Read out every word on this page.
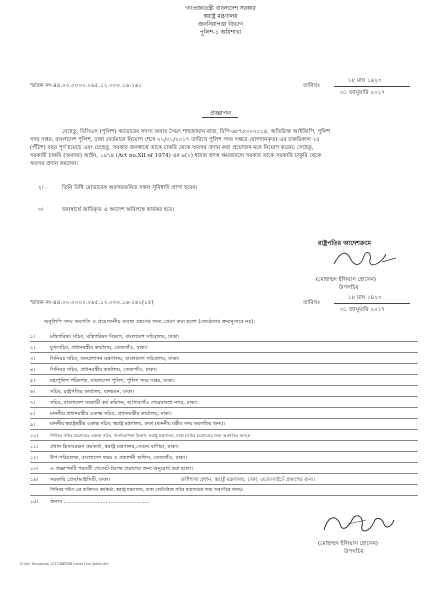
গণপ্রজাতন্ত্রী বাংলাদেশ সরকার
স্বরাষ্ট্র মন্ত্রণালয়
জননিরাপত্তা বিভাগ
পুলিশ-১ অধিশাখা
স্মারক নং-৪৪.০০.০০০০.০৯৫.১২.০৩০.১৬-১৬১	তারিখঃ
১৮ মাঘ ১৪২৩
৩১ জানুয়ারি ২০১৭
প্রজ্ঞাপন
যেহেতু, বিসিএস (পুলিশ) ক্যাডারের সদস্য জনাব সৈয়দ শাহজামান রাজ, বিপি-৬৮৭৮০০০০১৪, অতিরিক্ত আইজিপি, পুলিশ
সদর দপ্তর, বাংলাদেশ পুলিশ, ঢাকা (বর্তমানে নিয়োগ শেষে ০১/০১/২০১৭ তারিখে পুলিশ সদর দপ্তরে যোগদানকৃত) এর চাকরিকাল ২৫
(পঁচিশ) বছর পূর্ণ হয়েছে এবং যেহেতু, সরকার জনস্বার্থে তাকে চাকরি থেকে অবসর প্রদান করা প্রয়োজন মনে নিয়োগ করেন; সেহেতু,
সরকারী চাকরি (অবসর) আইন, ১৯৭৪ (Act no.XII of 1974) এর ৯(২) ধারার প্রদত্ত ক্ষমতাবলে সরকার তাকে সরকারি চাকুরি থেকে
অবসর প্রদান করলেন।
২।	তিনি বিধি মোতাবেক অবসরজনিত সকল সুবিধাদি প্রাপ্য হবেন।
৩।	জনস্বার্থে জারিকৃত এ আদেশ অবিলম্বে কার্যকর হবে।
রাষ্ট্রপতির আদেশক্রমে
(মোহাম্মদ ইলিয়াস হোসেন)
উপসচিব
স্মারক নং-৪৪.০০.০০০০.০৯৫.১২.০৩০.১৬-১৬১(১৫)	তারিখঃ
১৮ মাঘ ১৪২৩
৩১ জানুয়ারি ২০১৭
অনুলিপি সদয় অবগতি ও প্রয়োজনীয় ব্যবস্থা গ্রহণের জন্য প্রেরণ করা হলো (জ্যেষ্ঠতার ক্রমানুসারে নয়):
১।	মন্ত্রিপরিষদ সচিব, মন্ত্রিপরিষদ বিভাগ, বাংলাদেশ সচিবালয়, ঢাকা।
২।	মুখ্যসচিব, প্রধানমন্ত্রীর কার্যালয়, তেজগাঁও, ঢাকা।
৩।	সিনিয়র সচিব, জনপ্রশাসন মন্ত্রণালয়, বাংলাদেশ সচিবালয়, ঢাকা।
৪।	সিনিয়র সচিব, প্রধানমন্ত্রীর কার্যালয়, তেজগাঁও, ঢাকা।
৫।	মহাপুলিশ পরিদর্শক, বাংলাদেশ পুলিশ, পুলিশ সদর দপ্তর, ঢাকা।
৬।	সচিব, রাষ্ট্রপতির কার্যালয়, বঙ্গভবন, ঢাকা।
৭।	সচিব, বাংলাদেশ সরকারী কর্ম কমিশন, আগারগাঁও শেরেবাংলা নগর, ঢাকা।
৮।	মাননীয় প্রধানমন্ত্রীর একান্ত সচিব, প্রধানমন্ত্রীর কার্যালয়, ঢাকা।
৯।	মাননীয় স্বরাষ্ট্রমন্ত্রীর একান্ত সচিব, স্বরাষ্ট্র মন্ত্রণালয়, ঢাকা (মাননীয় মন্ত্রীর সদয় অবগতির জন্য)।
১০।	সিনিয়র সচিব মহোদয়ের একান্ত সচিব, জননিরাপত্তা বিভাগ, স্বরাষ্ট্র মন্ত্রণালয়, ঢাকা (সচিব মহোদয়ের সদয় অবগতির জন্য)।
১১। প্রধান হিসাবরক্ষণ কর্মকর্তা, স্বরাষ্ট্র মন্ত্রণালয়,সেগুন বাগিচা, ঢাকা।
১২। উপ-পরিচালক, বাংলাদেশ ফরম ও প্রকাশনী অফিস, তেজগাঁও, ঢাকা।
১৩। এ প্রজ্ঞাপনটি পরবর্তী গেজেট-বিশেষ প্রকাশের জন্য অনুরোধ করা হলো।
১৪। সরকারি প্রেস/আইসিটি, ঢাকা।	অধিশাখা প্রধান, স্বরাষ্ট্র মন্ত্রণালয়, ঢাকা, ওয়েবসাইটে প্রকাশের জন্য।
সিনিয়র সচিব এর ব্যক্তিগত কর্মকর্তা, স্বরাষ্ট্র মন্ত্রণালয়, ঢাকা (অতিরিক্ত সচিব মহোদয়ের সদয় অবগতির জন্য)।
১৫। জনাব .....................................................
(মোহাম্মদ ইলিয়াস হোসেন)
উপসচিব
D:\Ms. Document\ 2017\RB\PRB Letter Doc\ ladies.doc
